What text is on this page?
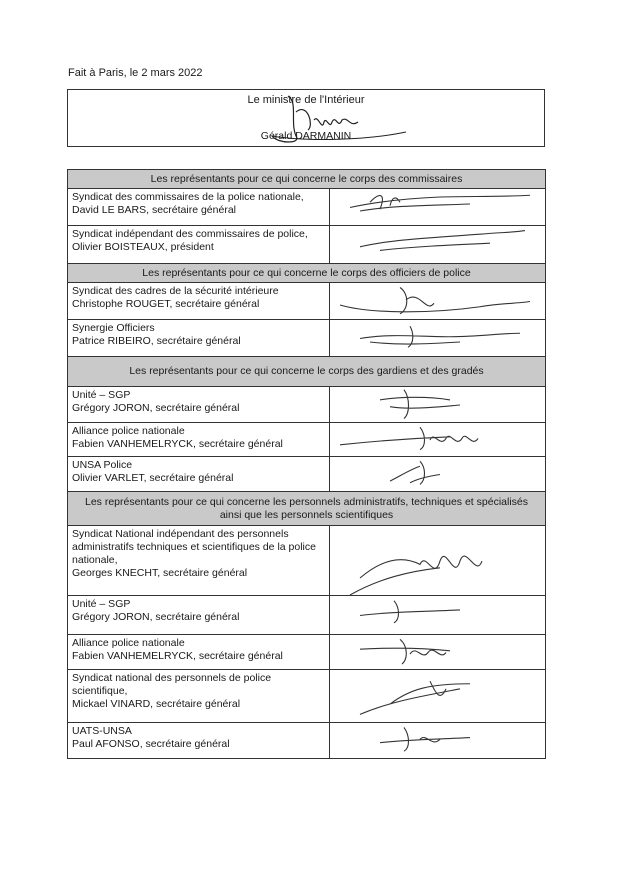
Fait à Paris, le 2 mars 2022
Le ministre de l'Intérieur
Gérald DARMANIN
Les représentants pour ce qui concerne le corps des commissaires	

Syndicat des commissaires de la police nationale,
David LE BARS, secrétaire général

Syndicat indépendant des commissaires de police,
Olivier BOISTEAUX, président

Les représentants pour ce qui concerne le corps des officiers de police	

Syndicat des cadres de la sécurité intérieure
Christophe ROUGET, secrétaire général

Synergie Officiers
Patrice RIBEIRO, secrétaire général

Les représentants pour ce qui concerne le corps des gardiens et des gradés	

Unité – SGP
Grégory JORON, secrétaire général

Alliance police nationale
Fabien VANHEMELRYCK, secrétaire général

UNSA Police
Olivier VARLET, secrétaire général

Les représentants pour ce qui concerne les personnels administratifs, techniques et spécialisés
ainsi que les personnels scientifiques	

Syndicat National indépendant des personnels
administratifs techniques et scientifiques de la police
nationale,
Georges KNECHT, secrétaire général

Unité – SGP
Grégory JORON, secrétaire général

Alliance police nationale
Fabien VANHEMELRYCK, secrétaire général

Syndicat national des personnels de police
scientifique,
Mickael VINARD, secrétaire général

UATS-UNSA
Paul AFONSO, secrétaire général
